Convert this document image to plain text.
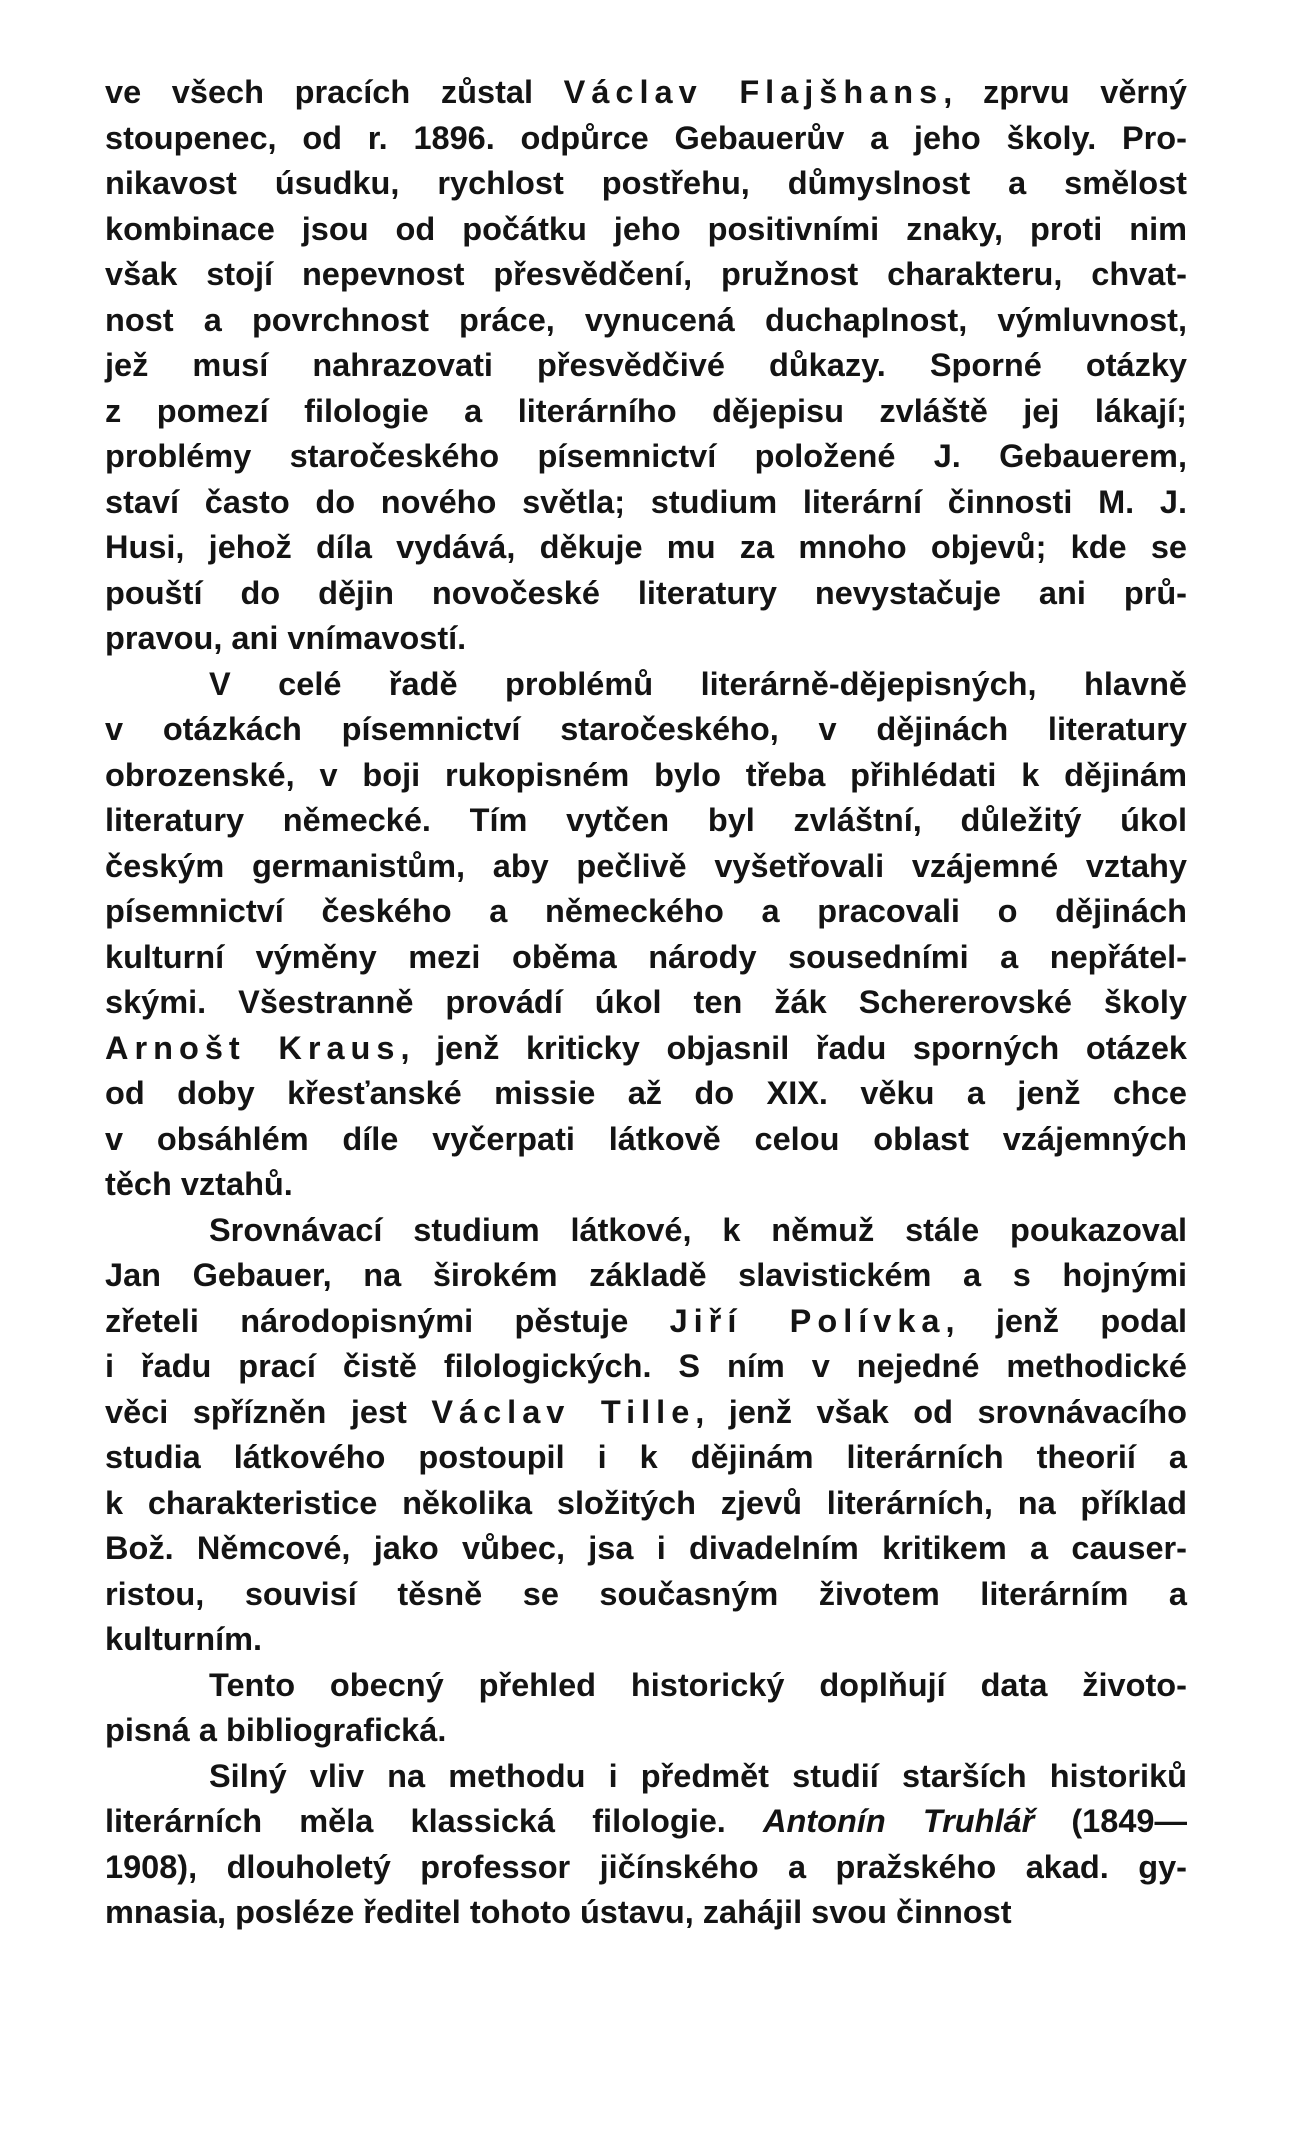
ve všech pracích zůstal Václav Flajšhans, zprvu věrný
stoupenec, od r. 1896. odpůrce Gebauerův a jeho školy. Pro-
nikavost úsudku, rychlost postřehu, důmyslnost a smělost
kombinace jsou od počátku jeho positivními znaky, proti nim
však stojí nepevnost přesvědčení, pružnost charakteru, chvat-
nost a povrchnost práce, vynucená duchaplnost, výmluvnost,
jež musí nahrazovati přesvědčivé důkazy. Sporné otázky
z pomezí filologie a literárního dějepisu zvláště jej lákají;
problémy staročeského písemnictví položené J. Gebauerem,
staví často do nového světla; studium literární činnosti M. J.
Husi, jehož díla vydává, děkuje mu za mnoho objevů; kde se
pouští do dějin novočeské literatury nevystačuje ani prů-
pravou, ani vnímavostí.
V celé řadě problémů literárně-dějepisných, hlavně
v otázkách písemnictví staročeského, v dějinách literatury
obrozenské, v boji rukopisném bylo třeba přihlédati k dějinám
literatury německé. Tím vytčen byl zvláštní, důležitý úkol
českým germanistům, aby pečlivě vyšetřovali vzájemné vztahy
písemnictví českého a německého a pracovali o dějinách
kulturní výměny mezi oběma národy sousedními a nepřátel-
skými. Všestranně provádí úkol ten žák Schererovské školy
Arnošt Kraus, jenž kriticky objasnil řadu sporných otázek
od doby křesťanské missie až do XIX. věku a jenž chce
v obsáhlém díle vyčerpati látkově celou oblast vzájemných
těch vztahů.
Srovnávací studium látkové, k němuž stále poukazoval
Jan Gebauer, na širokém základě slavistickém a s hojnými
zřeteli národopisnými pěstuje Jiří Polívka, jenž podal
i řadu prací čistě filologických. S ním v nejedné methodické
věci spřízněn jest Václav Tille, jenž však od srovnávacího
studia látkového postoupil i k dějinám literárních theorií a
k charakteristice několika složitých zjevů literárních, na příklad
Bož. Němcové, jako vůbec, jsa i divadelním kritikem a causer-
ristou, souvisí těsně se současným životem literárním a
kulturním.
Tento obecný přehled historický doplňují data životo-
pisná a bibliografická.
Silný vliv na methodu i předmět studií starších historiků
literárních měla klassická filologie. Antonín Truhlář (1849—
1908), dlouholetý professor jičínského a pražského akad. gy-
mnasia, posléze ředitel tohoto ústavu, zahájil svou činnost
